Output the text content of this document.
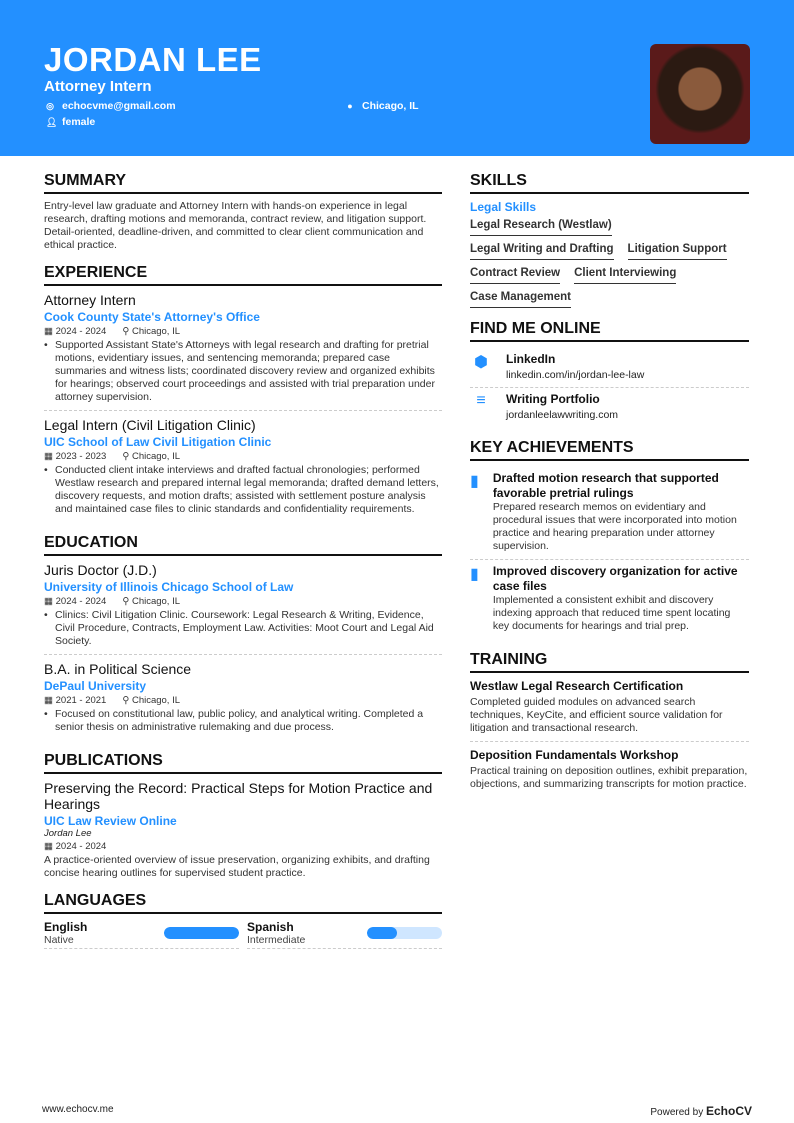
JORDAN LEE
Attorney Intern
◎ echocvme@gmail.com
👤︎ female
● Chicago, IL
SUMMARY

Entry-level law graduate and Attorney Intern with hands-on experience in legal research, drafting motions and memoranda, contract review, and litigation support. Detail-oriented, deadline-driven, and committed to clear client communication and ethical practice.

EXPERIENCE
Attorney Intern
Cook County State's Attorney's Office
▦ 2024 - 2024 ⚲ Chicago, IL
• Supported Assistant State's Attorneys with legal research and drafting for pretrial motions, evidentiary issues, and sentencing memoranda; prepared case summaries and witness lists; coordinated discovery review and organized exhibits for hearings; observed court proceedings and assisted with trial preparation under attorney supervision.
Legal Intern (Civil Litigation Clinic)
UIC School of Law Civil Litigation Clinic
▦ 2023 - 2023 ⚲ Chicago, IL
• Conducted client intake interviews and drafted factual chronologies; performed Westlaw research and prepared internal legal memoranda; drafted demand letters, discovery requests, and motion drafts; assisted with settlement posture analysis and maintained case files to clinic standards and confidentiality requirements.
EDUCATION
Juris Doctor (J.D.)
University of Illinois Chicago School of Law
▦ 2024 - 2024 ⚲ Chicago, IL
• Clinics: Civil Litigation Clinic. Coursework: Legal Research & Writing, Evidence, Civil Procedure, Contracts, Employment Law. Activities: Moot Court and Legal Aid Society.
B.A. in Political Science
DePaul University
▦ 2021 - 2021 ⚲ Chicago, IL
• Focused on constitutional law, public policy, and analytical writing. Completed a senior thesis on administrative rulemaking and due process.
PUBLICATIONS
Preserving the Record: Practical Steps for Motion Practice and Hearings
UIC Law Review Online
Jordan Lee
▦ 2024 - 2024

A practice-oriented overview of issue preservation, organizing exhibits, and drafting concise hearing outlines for supervised student practice.

LANGUAGES
English
Native
Spanish
Intermediate
SKILLS
Legal Skills
Legal Research (Westlaw)
Legal Writing and Drafting Litigation Support
Contract Review Client Interviewing
Case Management
FIND ME ONLINE
⬢	LinkedIn
linkedin.com/in/jordan-lee-law
≡	Writing Portfolio
jordanleelawwriting.com
KEY ACHIEVEMENTS
▮ Drafted motion research that supported favorable pretrial rulings

Prepared research memos on evidentiary and procedural issues that were incorporated into motion practice and hearing preparation under attorney supervision.

▮ Improved discovery organization for active case files

Implemented a consistent exhibit and discovery indexing approach that reduced time spent locating key documents for hearings and trial prep.

TRAINING
Westlaw Legal Research Certification

Completed guided modules on advanced search techniques, KeyCite, and efficient source validation for litigation and transactional research.

Deposition Fundamentals Workshop

Practical training on deposition outlines, exhibit preparation, objections, and summarizing transcripts for motion practice.

www.echocv.me	Powered by EchoCV
